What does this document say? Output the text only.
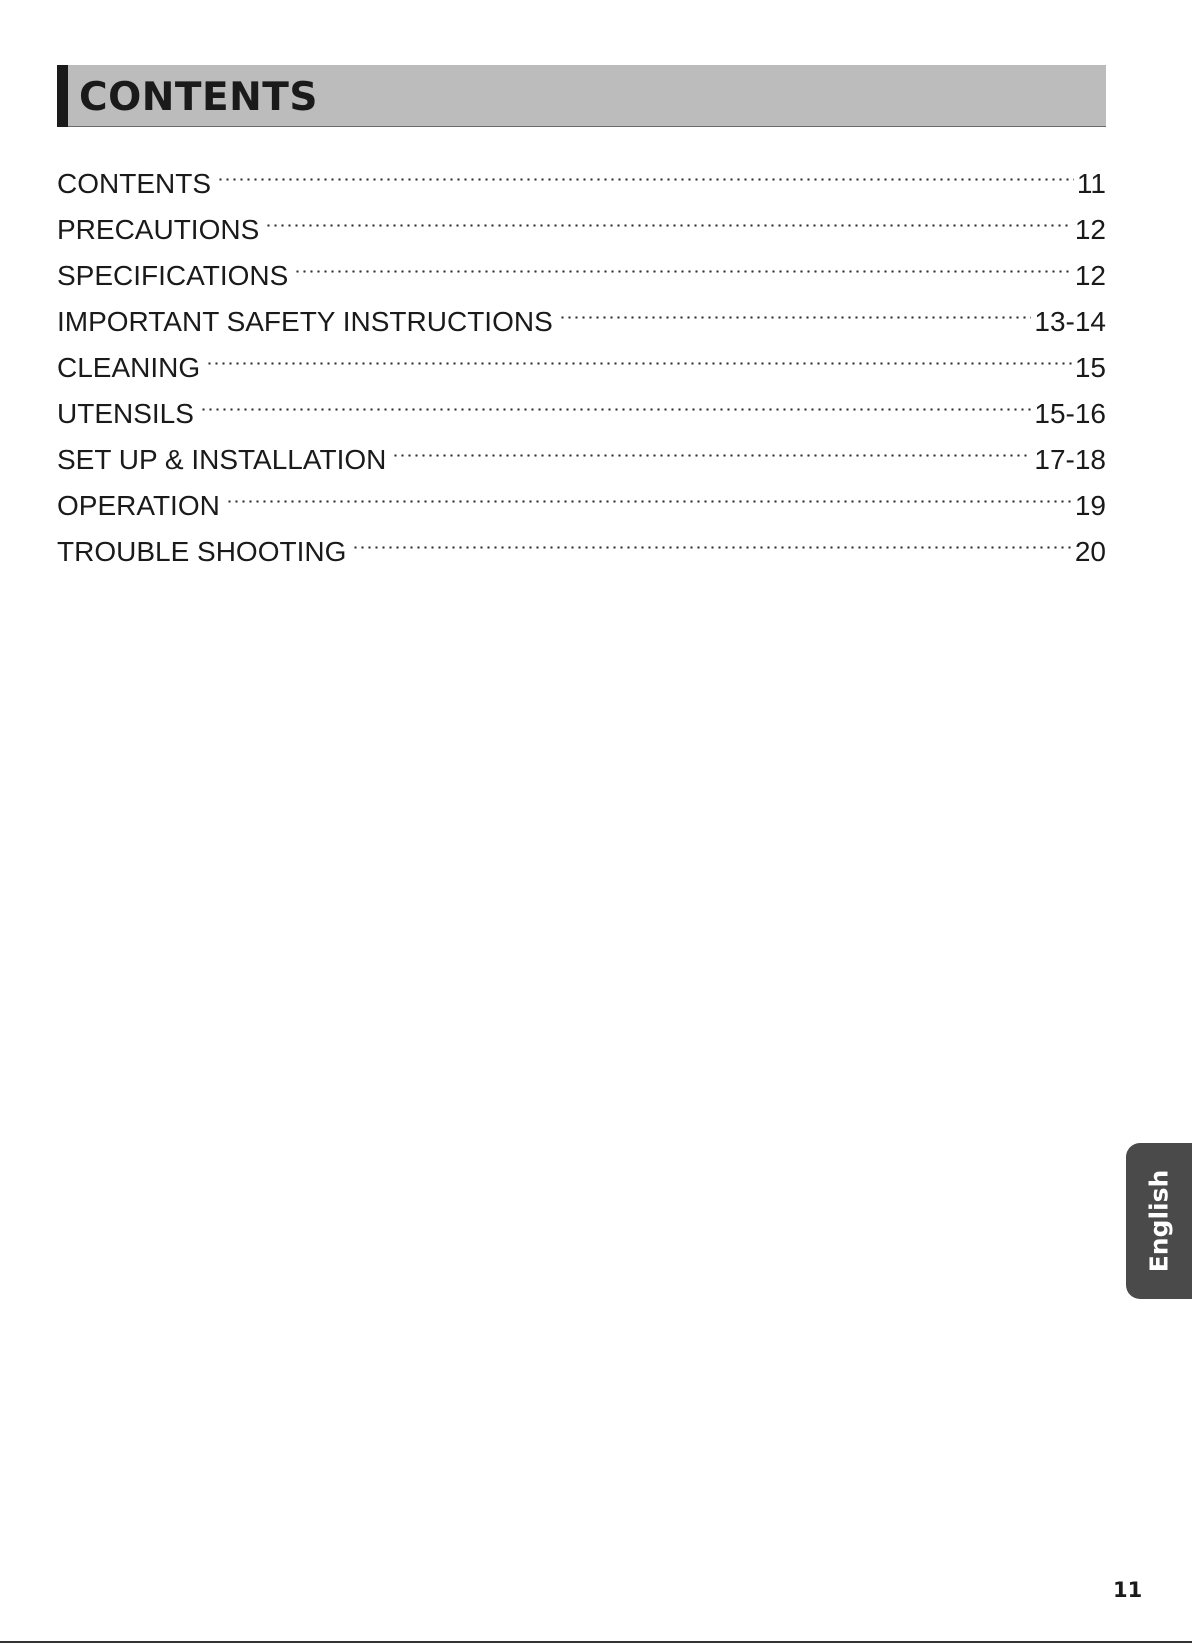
CONTENTS
CONTENTS	11
PRECAUTIONS	12
SPECIFICATIONS	12
IMPORTANT SAFETY INSTRUCTIONS	13-14
CLEANING	15
UTENSILS	15-16
SET UP & INSTALLATION	17-18
OPERATION	19
TROUBLE SHOOTING	20
English
11
